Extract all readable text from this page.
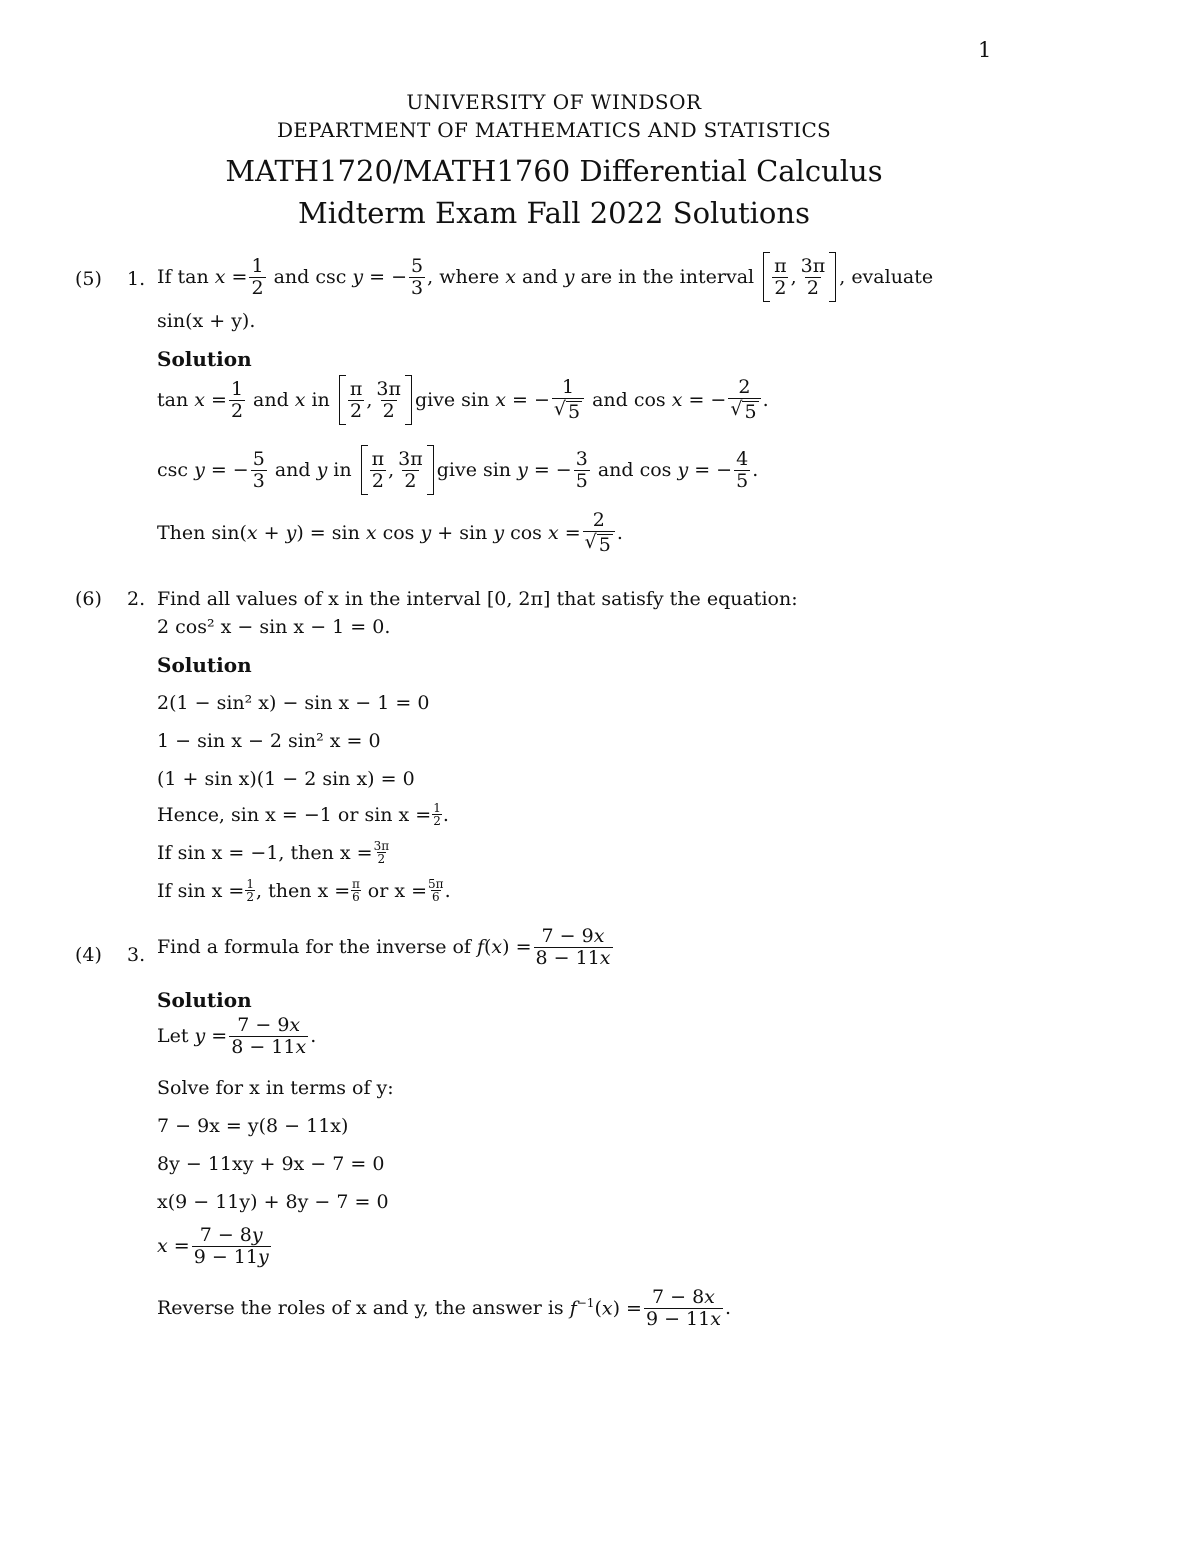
1
UNIVERSITY OF WINDSOR
DEPARTMENT OF MATHEMATICS AND STATISTICS
MATH1720/MATH1760 Differential Calculus
Midterm Exam Fall 2022 Solutions
(5) 1. If $\tan x = \frac{1}{2}$ and csc y = − $\frac{5}{3}$ , where x and y are in the interval $\frac{\pi}{2}$ , $\frac{3\pi}{2}$ , evaluate
sin(x + y).
Solution
$\tan x = \frac{1}{2}$ and x in $\frac{\pi}{2}$ , $\frac{3\pi}{2}$ give sin x = − $\frac{1}{√ 5}$ and cos x = − $\frac{2}{√ 5}$ .
csc y = − $\frac{5}{3}$ and y in $\frac{\pi}{2}$ , $\frac{3\pi}{2}$ give sin y = − $\frac{3}{5}$ and cos y = − $\frac{4}{5}$ .
Then sin(x + y) = sin x cos y + sin y $\cos x = \frac{2}{√ 5}$ .
(6) 2. Find all values of x in the interval [0, 2π] that satisfy the equation:
2 cos² x − sin x − 1 = 0.
Solution
2(1 − sin² x) − sin x − 1 = 0
1 − sin x − 2 sin² x = 0
(1 + sin x)(1 − 2 sin x) = 0
Hence, sin x = −1 or $\sin x = \frac{1}{2}$ .
If sin x = −1, then $x = \frac{3\pi}{2}$
If $\sin x = \frac{1}{2}$ , then $x = \frac{\pi}{6}$ or $x = \frac{5\pi}{6}$ .
(4) 3. Find a formula for the inverse of $f(x) = \frac{7 - 9x}{8 - 11x}$
Solution
Let $y = \frac{7 - 9x}{8 - 11x}$ .
Solve for x in terms of y:
7 − 9x = y(8 − 11x)
8y − 11xy + 9x − 7 = 0
x(9 − 11y) + 8y − 7 = 0
$x = \frac{7 - 8y}{9 - 11y}$
Reverse the roles of x and y, the answer is $f^{-1}(x) = \frac{7 - 8x}{9 - 11x}$ .
